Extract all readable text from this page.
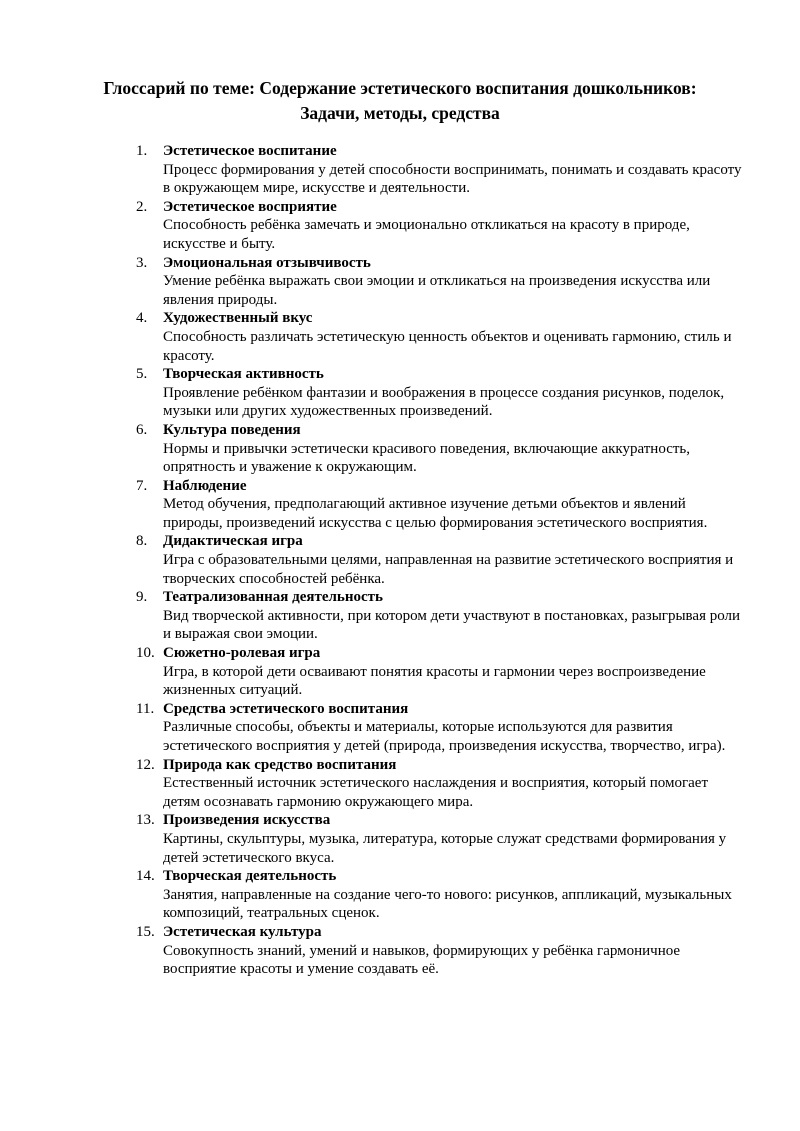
Глоссарий по теме: Содержание эстетического воспитания дошкольников:
Задачи, методы, средства
1.	Эстетическое воспитание
Процесс формирования у детей способности воспринимать, понимать и создавать красоту в окружающем мире, искусстве и деятельности.
2.	Эстетическое восприятие
Способность ребёнка замечать и эмоционально откликаться на красоту в природе, искусстве и быту.
3.	Эмоциональная отзывчивость
Умение ребёнка выражать свои эмоции и откликаться на произведения искусства или явления природы.
4.	Художественный вкус
Способность различать эстетическую ценность объектов и оценивать гармонию, стиль и красоту.
5.	Творческая активность
Проявление ребёнком фантазии и воображения в процессе создания рисунков, поделок, музыки или других художественных произведений.
6.	Культура поведения
Нормы и привычки эстетически красивого поведения, включающие аккуратность, опрятность и уважение к окружающим.
7.	Наблюдение
Метод обучения, предполагающий активное изучение детьми объектов и явлений природы, произведений искусства с целью формирования эстетического восприятия.
8.	Дидактическая игра
Игра с образовательными целями, направленная на развитие эстетического восприятия и творческих способностей ребёнка.
9.	Театрализованная деятельность
Вид творческой активности, при котором дети участвуют в постановках, разыгрывая роли и выражая свои эмоции.
10. Сюжетно-ролевая игра
Игра, в которой дети осваивают понятия красоты и гармонии через воспроизведение жизненных ситуаций.
11. Средства эстетического воспитания
Различные способы, объекты и материалы, которые используются для развития эстетического восприятия у детей (природа, произведения искусства, творчество, игра).
12. Природа как средство воспитания
Естественный источник эстетического наслаждения и восприятия, который помогает детям осознавать гармонию окружающего мира.
13. Произведения искусства
Картины, скульптуры, музыка, литература, которые служат средствами формирования у детей эстетического вкуса.
14. Творческая деятельность
Занятия, направленные на создание чего-то нового: рисунков, аппликаций, музыкальных композиций, театральных сценок.
15. Эстетическая культура
Совокупность знаний, умений и навыков, формирующих у ребёнка гармоничное восприятие красоты и умение создавать её.
